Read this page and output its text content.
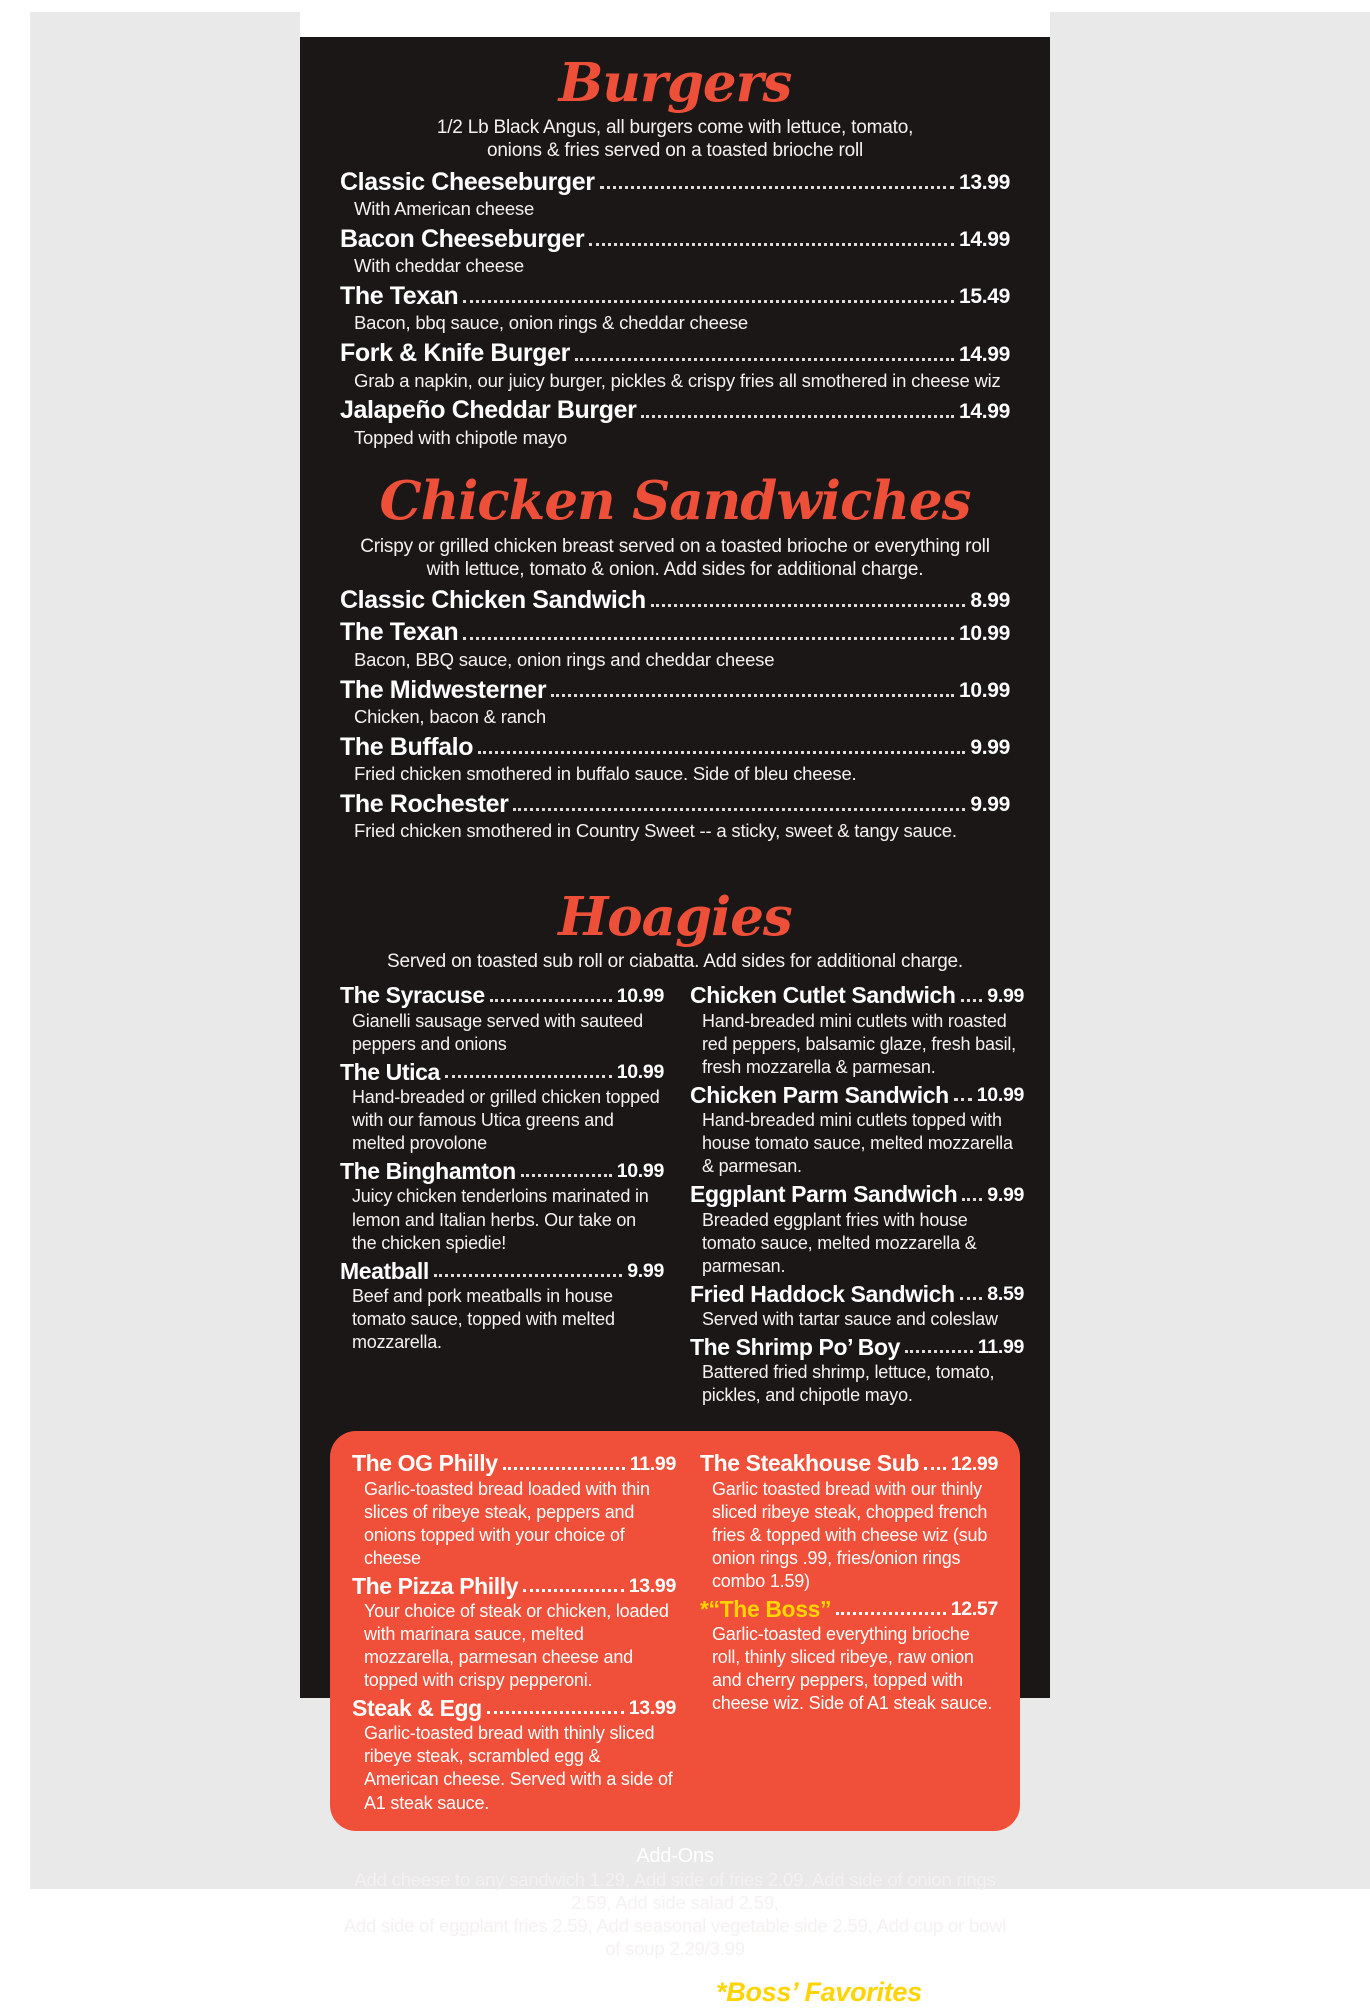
Burgers
1/2 Lb Black Angus, all burgers come with lettuce, tomato,
onions & fries served on a toasted brioche roll
Classic Cheeseburger	13.99
With American cheese
Bacon Cheeseburger	14.99
With cheddar cheese
The Texan	15.49
Bacon, bbq sauce, onion rings & cheddar cheese
Fork & Knife Burger	14.99
Grab a napkin, our juicy burger, pickles & crispy fries all smothered in cheese wiz
Jalapeño Cheddar Burger	14.99
Topped with chipotle mayo
Chicken Sandwiches
Crispy or grilled chicken breast served on a toasted brioche or everything roll
with lettuce, tomato & onion. Add sides for additional charge.
Classic Chicken Sandwich	8.99
The Texan	10.99
Bacon, BBQ sauce, onion rings and cheddar cheese
The Midwesterner	10.99
Chicken, bacon & ranch
The Buffalo	9.99
Fried chicken smothered in buffalo sauce. Side of bleu cheese.
The Rochester	9.99
Fried chicken smothered in Country Sweet -- a sticky, sweet & tangy sauce.
Hoagies
Served on toasted sub roll or ciabatta. Add sides for additional charge.
The Syracuse	10.99
Gianelli sausage served with sauteed peppers and onions
The Utica	10.99
Hand-breaded or grilled chicken topped with our famous Utica greens and melted provolone
The Binghamton	10.99
Juicy chicken tenderloins marinated in lemon and Italian herbs. Our take on the chicken spiedie!
Meatball	9.99
Beef and pork meatballs in house tomato sauce, topped with melted mozzarella.
Chicken Cutlet Sandwich 9.99
Hand-breaded mini cutlets with roasted red peppers, balsamic glaze, fresh basil, fresh mozzarella & parmesan.
Chicken Parm Sandwich 10.99
Hand-breaded mini cutlets topped with house tomato sauce, melted mozzarella & parmesan.
Eggplant Parm Sandwich 9.99
Breaded eggplant fries with house tomato sauce, melted mozzarella & parmesan.
Fried Haddock Sandwich 8.59
Served with tartar sauce and coleslaw
The Shrimp Po’ Boy	11.99
Battered fried shrimp, lettuce, tomato, pickles, and chipotle mayo.
The OG Philly	11.99
Garlic-toasted bread loaded with thin slices of ribeye steak, peppers and onions topped with your choice of cheese
The Pizza Philly	13.99
Your choice of steak or chicken, loaded with marinara sauce, melted mozzarella, parmesan cheese and topped with crispy pepperoni.
Steak & Egg	13.99
Garlic-toasted bread with thinly sliced ribeye steak, scrambled egg & American cheese. Served with a side of A1 steak sauce.
The Steakhouse Sub 12.99
Garlic toasted bread with our thinly sliced ribeye steak, chopped french fries & topped with cheese wiz (sub onion rings .99, fries/onion rings combo 1.59)
*“The Boss”	12.57
Garlic-toasted everything brioche roll, thinly sliced ribeye, raw onion and cherry peppers, topped with cheese wiz. Side of A1 steak sauce.
Add-Ons
Add cheese to any sandwich 1.29, Add side of fries 2.09, Add side of onion rings 2.59, Add side salad 2.59,
Add side of eggplant fries 2.59, Add seasonal vegetable side 2.59, Add cup or bowl of soup 2.29/3.99
5% CASH DISCOUNT • *Boss’ Favorites
